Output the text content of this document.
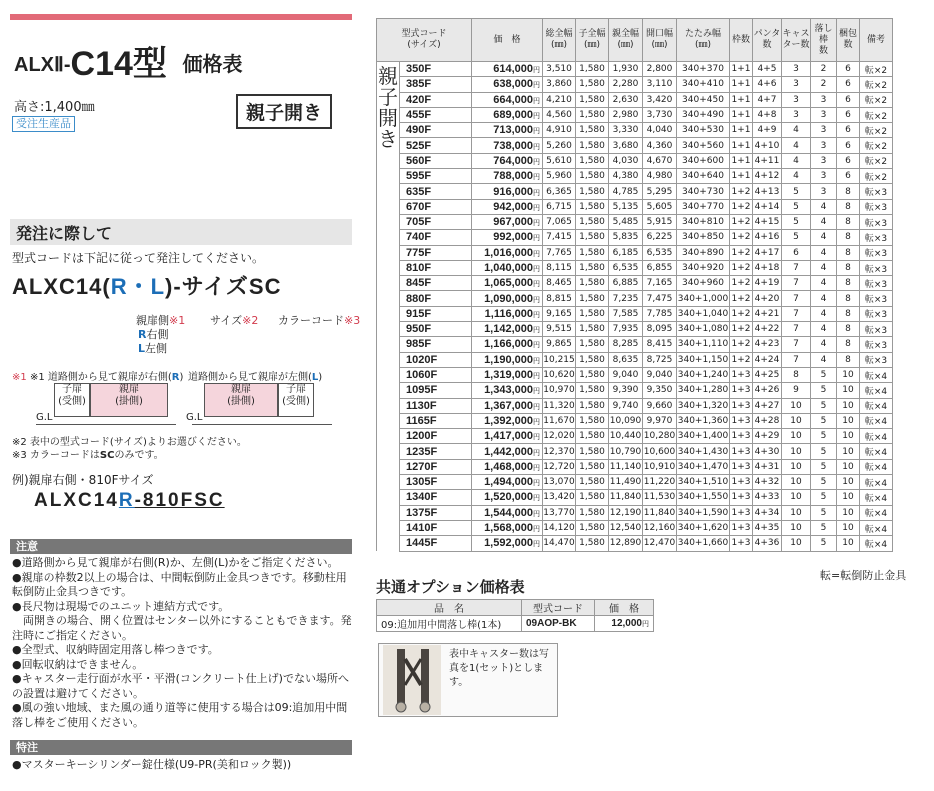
ALXⅡ-C14型 価格表
高さ:1,400㎜
受注生産品	親子開き
発注に際して
型式コードは下記に従って発注してください。
ALXC14(R・L)-サイズSC
親扉側※1 サイズ※2 カラーコード※3
R右側
L左側
※1 ※1 道路側から見て親扉が右側(R) 道路側から見て親扉が左側(L)
子扉
(受側)
親扉
(掛側)
G.L
親扉
(掛側)
子扉
(受側)
G.L
※2 表中の型式コード(サイズ)よりお選びください。
※3 カラーコードはSCのみです。
例)親扉右側・810Fサイズ
ALXC14R-810FSC
注意

●道路側から見て親扉が右側(R)か、左側(L)かをご指定ください。

●親扉の枠数2以上の場合は、中間転倒防止金具つきです。移動柱用転倒防止金具つきです。

●長尺物は現場でのユニット連結方式です。

　両開きの場合、開く位置はセンター以外にすることもできます。発注時にご指定ください。

●全型式、収納時固定用落し棒つきです。

●回転収納はできません。

●キャスター走行面が水平・平滑(コンクリート仕上げ)でない場所への設置は避けてください。

●風の強い地域、また風の通り道等に使用する場合は09:追加用中間落し棒をご使用ください。

特注

●マスターキーシリンダー錠仕様(U9-PR(美和ロック製))

型式コード
(サイズ)		価　格	総全幅
(㎜)	子全幅
(㎜)	親全幅
(㎜)	開口幅
(㎜)	たたみ幅
(㎜)	枠数	パンタ
数	キャス
ター数	落し棒
数	梱包
数	備考

親
子
開
き	350F	614,000円	3,510	1,580	1,930	2,800	340+370	1+1	4+5	3	2	6	転×2
	385F	638,000円	3,860	1,580	2,280	3,110	340+410	1+1	4+6	3	2	6	転×2
	420F	664,000円	4,210	1,580	2,630	3,420	340+450	1+1	4+7	3	3	6	転×2
	455F	689,000円	4,560	1,580	2,980	3,730	340+490	1+1	4+8	3	3	6	転×2
	490F	713,000円	4,910	1,580	3,330	4,040	340+530	1+1	4+9	4	3	6	転×2
	525F	738,000円	5,260	1,580	3,680	4,360	340+560	1+1	4+10	4	3	6	転×2
	560F	764,000円	5,610	1,580	4,030	4,670	340+600	1+1	4+11	4	3	6	転×2
	595F	788,000円	5,960	1,580	4,380	4,980	340+640	1+1	4+12	4	3	6	転×2
	635F	916,000円	6,365	1,580	4,785	5,295	340+730	1+2	4+13	5	3	8	転×3
	670F	942,000円	6,715	1,580	5,135	5,605	340+770	1+2	4+14	5	4	8	転×3
	705F	967,000円	7,065	1,580	5,485	5,915	340+810	1+2	4+15	5	4	8	転×3
	740F	992,000円	7,415	1,580	5,835	6,225	340+850	1+2	4+16	5	4	8	転×3
	775F	1,016,000円	7,765	1,580	6,185	6,535	340+890	1+2	4+17	6	4	8	転×3
	810F	1,040,000円	8,115	1,580	6,535	6,855	340+920	1+2	4+18	7	4	8	転×3
	845F	1,065,000円	8,465	1,580	6,885	7,165	340+960	1+2	4+19	7	4	8	転×3
	880F	1,090,000円	8,815	1,580	7,235	7,475	340+1,000	1+2	4+20	7	4	8	転×3
	915F	1,116,000円	9,165	1,580	7,585	7,785	340+1,040	1+2	4+21	7	4	8	転×3
	950F	1,142,000円	9,515	1,580	7,935	8,095	340+1,080	1+2	4+22	7	4	8	転×3
	985F	1,166,000円	9,865	1,580	8,285	8,415	340+1,110	1+2	4+23	7	4	8	転×3
	1020F	1,190,000円	10,215	1,580	8,635	8,725	340+1,150	1+2	4+24	7	4	8	転×3
	1060F	1,319,000円	10,620	1,580	9,040	9,040	340+1,240	1+3	4+25	8	5	10	転×4
	1095F	1,343,000円	10,970	1,580	9,390	9,350	340+1,280	1+3	4+26	9	5	10	転×4
	1130F	1,367,000円	11,320	1,580	9,740	9,660	340+1,320	1+3	4+27	10	5	10	転×4
	1165F	1,392,000円	11,670	1,580	10,090	9,970	340+1,360	1+3	4+28	10	5	10	転×4
	1200F	1,417,000円	12,020	1,580	10,440	10,280	340+1,400	1+3	4+29	10	5	10	転×4
	1235F	1,442,000円	12,370	1,580	10,790	10,600	340+1,430	1+3	4+30	10	5	10	転×4
	1270F	1,468,000円	12,720	1,580	11,140	10,910	340+1,470	1+3	4+31	10	5	10	転×4
	1305F	1,494,000円	13,070	1,580	11,490	11,220	340+1,510	1+3	4+32	10	5	10	転×4
	1340F	1,520,000円	13,420	1,580	11,840	11,530	340+1,550	1+3	4+33	10	5	10	転×4
	1375F	1,544,000円	13,770	1,580	12,190	11,840	340+1,590	1+3	4+34	10	5	10	転×4
	1410F	1,568,000円	14,120	1,580	12,540	12,160	340+1,620	1+3	4+35	10	5	10	転×4
	1445F	1,592,000円	14,470	1,580	12,890	12,470	340+1,660	1+3	4+36	10	5	10	転×4
転=転倒防止金具
共通オプション価格表
品　名	型式コード	価　格
09:追加用中間落し棒(1本)	09AOP-BK	12,000円
表中キャスター数は写真を1(セット)とします。
